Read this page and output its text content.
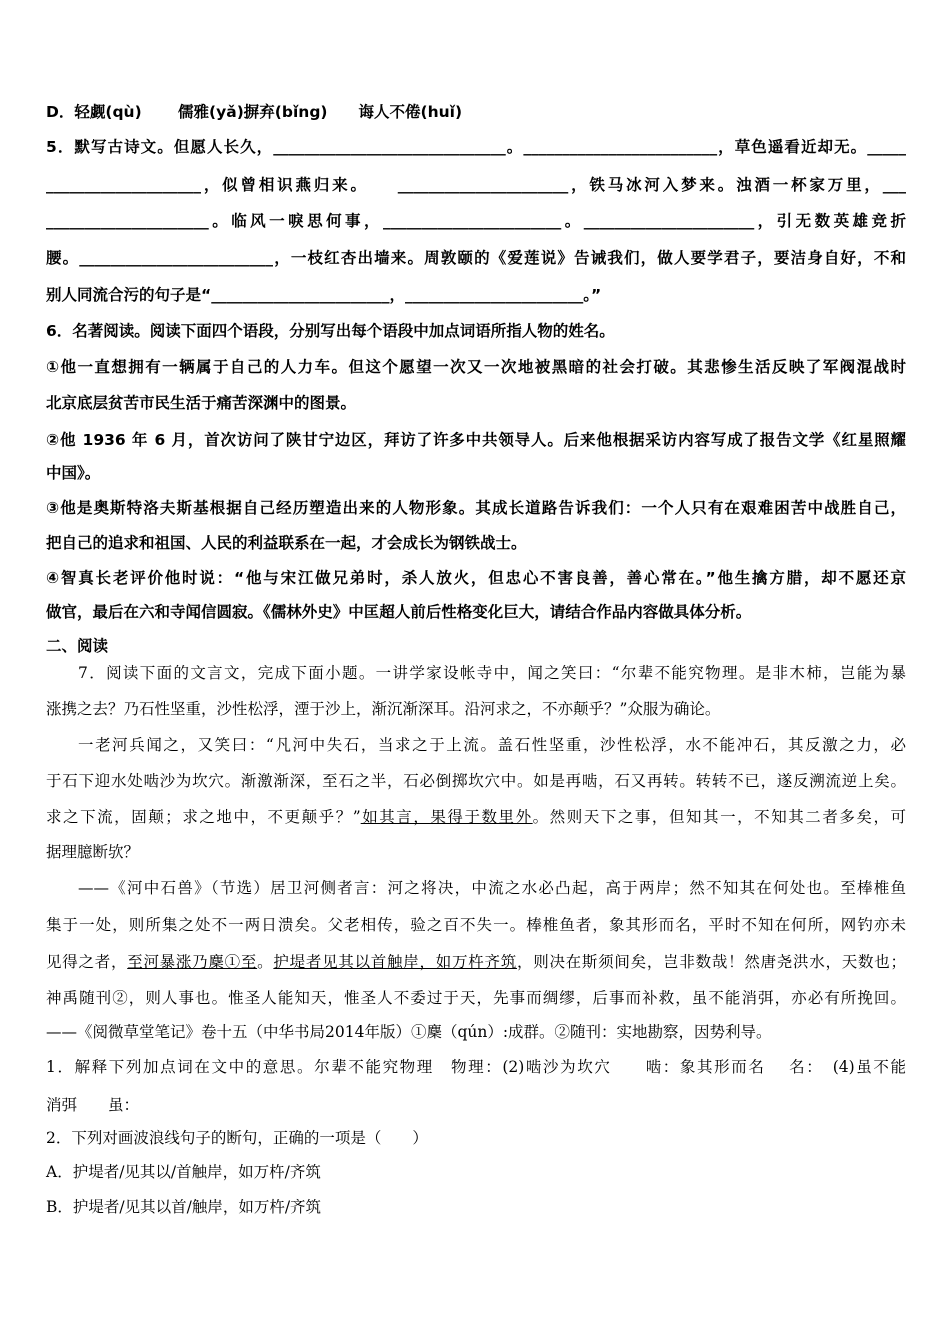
D．轻觑(qù)　　 儒雅(yǎ)摒弃(bǐng)　　诲人不倦(huǐ)
5．默写古诗文。但愿人长久，______________________________。_________________________，草色遥看近却无。_____
____________________，似曾相识燕归来。　　______________________，铁马冰河入梦来。浊酒一杯家万里，___
_____________________。临风一唳思何事，_______________________。______________________，引无数英雄竞折
腰。_________________________，一枝红杏出墙来。周敦颐的《爱莲说》告诫我们，做人要学君子，要洁身自好，不和
别人同流合污的句子是“_______________________，_______________________。”
6．名著阅读。阅读下面四个语段，分别写出每个语段中加点词语所指人物的姓名。
①他一直想拥有一辆属于自己的人力车。但这个愿望一次又一次地被黑暗的社会打破。其悲惨生活反映了军阀混战时
北京底层贫苦市民生活于痛苦深渊中的图景。
②他 1936 年 6 月，首次访问了陕甘宁边区，拜访了许多中共领导人。后来他根据采访内容写成了报告文学《红星照耀
中国》。
③他是奥斯特洛夫斯基根据自己经历塑造出来的人物形象。其成长道路告诉我们：一个人只有在艰难困苦中战胜自己，
把自己的追求和祖国、人民的利益联系在一起，才会成长为钢铁战士。
④智真长老评价他时说：“他与宋江做兄弟时，杀人放火，但忠心不害良善，善心常在。”他生擒方腊，却不愿还京
做官，最后在六和寺闻信圆寂。《儒林外史》中匡超人前后性格变化巨大，请结合作品内容做具体分析。
二、阅读
7．阅读下面的文言文，完成下面小题。一讲学家设帐寺中，闻之笑曰：“尔辈不能究物理。是非木柿，岂能为暴
涨携之去？乃石性坚重，沙性松浮，湮于沙上，渐沉渐深耳。沿河求之，不亦颠乎？”众服为确论。
一老河兵闻之，又笑曰：“凡河中失石，当求之于上流。盖石性坚重，沙性松浮，水不能冲石，其反激之力，必
于石下迎水处啮沙为坎穴。渐激渐深，至石之半，石必倒掷坎穴中。如是再啮，石又再转。转转不已，遂反溯流逆上矣。
求之下流，固颠；求之地中，不更颠乎？”如其言，果得于数里外。然则天下之事，但知其一，不知其二者多矣，可
据理臆断欤？
——《河中石兽》（节选）居卫河侧者言：河之将决，中流之水必凸起，高于两岸；然不知其在何处也。至棒椎鱼
集于一处，则所集之处不一两日溃矣。父老相传，验之百不失一。棒椎鱼者，象其形而名，平时不知在何所，网钓亦未
见得之者，至河暴涨乃麇①至。护堤者见其以首触岸，如万杵齐筑，则决在斯须间矣，岂非数哉！然唐尧洪水，天数也；
神禹随刊②，则人事也。惟圣人能知天，惟圣人不委过于天，先事而绸缪，后事而补救，虽不能消弭，亦必有所挽回。
——《阅微草堂笔记》卷十五（中华书局2014年版）①麇（qún）:成群。②随刊：实地勘察，因势利导。
1．解释下列加点词在文中的意思。尔辈不能究物理　物理：(2)啮沙为坎穴　　啮：象其形而名　 名：　(4)虽不能
消弭　　虽：
2．下列对画波浪线句子的断句，正确的一项是（　　）
A．护堤者/见其以/首触岸，如万杵/齐筑
B．护堤者/见其以首/触岸，如万杵/齐筑
